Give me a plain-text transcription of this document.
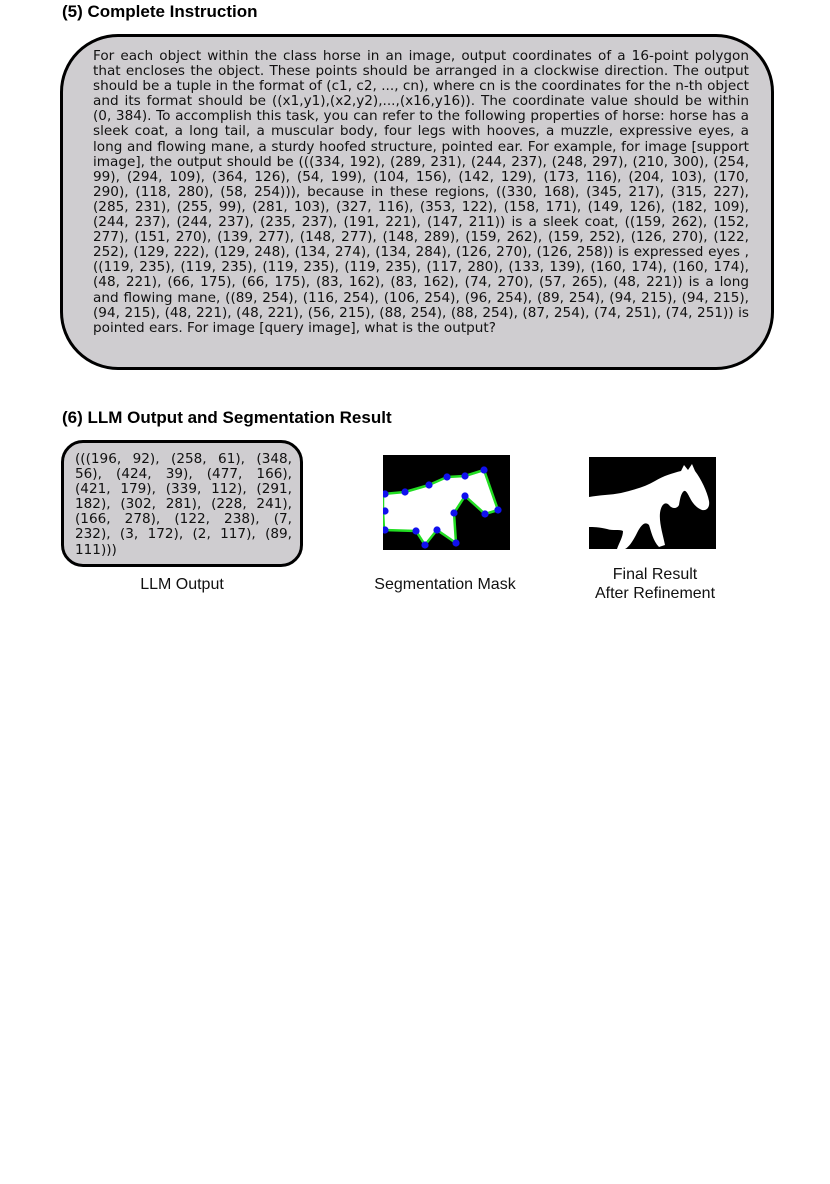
(5) Complete Instruction

For each object within the class horse in an image, output coordinates of a 16-point polygon that encloses the object. These points should be arranged in a clockwise direction. The output should be a tuple in the format of (c1, c2, ..., cn), where cn is the coordinates for the n-th object and its format should be ((x1,y1),(x2,y2),...,(x16,y16)). The coordinate value should be within (0, 384). To accomplish this task, you can refer to the following properties of horse: horse has a sleek coat, a long tail, a muscular body, four legs with hooves, a muzzle, expressive eyes, a long and flowing mane, a sturdy hoofed structure, pointed ear. For example, for image [support image], the output should be (((334, 192), (289, 231), (244, 237), (248, 297), (210, 300), (254, 99), (294, 109), (364, 126), (54, 199), (104, 156), (142, 129), (173, 116), (204, 103), (170, 290), (118, 280), (58, 254))), because in these regions, ((330, 168), (345, 217), (315, 227), (285, 231), (255, 99), (281, 103), (327, 116), (353, 122), (158, 171), (149, 126), (182, 109), (244, 237), (244, 237), (235, 237), (191, 221), (147, 211)) is a sleek coat, ((159, 262), (152, 277), (151, 270), (139, 277), (148, 277), (148, 289), (159, 262), (159, 252), (126, 270), (122, 252), (129, 222), (129, 248), (134, 274), (134, 284), (126, 270), (126, 258)) is expressed eyes , ((119, 235), (119, 235), (119, 235), (119, 235), (117, 280), (133, 139), (160, 174), (160, 174), (48, 221), (66, 175), (66, 175), (83, 162), (83, 162), (74, 270), (57, 265), (48, 221)) is a long and flowing mane, ((89, 254), (116, 254), (106, 254), (96, 254), (89, 254), (94, 215), (94, 215), (94, 215), (48, 221), (48, 221), (56, 215), (88, 254), (88, 254), (87, 254), (74, 251), (74, 251)) is pointed ears. For image [query image], what is the output?

(6) LLM Output and Segmentation Result

(((196, 92), (258, 61), (348, 56), (424, 39), (477, 166), (421, 179), (339, 112), (291, 182), (302, 281), (228, 241), (166, 278), (122, 238), (7, 232), (3, 172), (2, 117), (89, 111)))

LLM Output	Segmentation Mask

Final Result
After Refinement
